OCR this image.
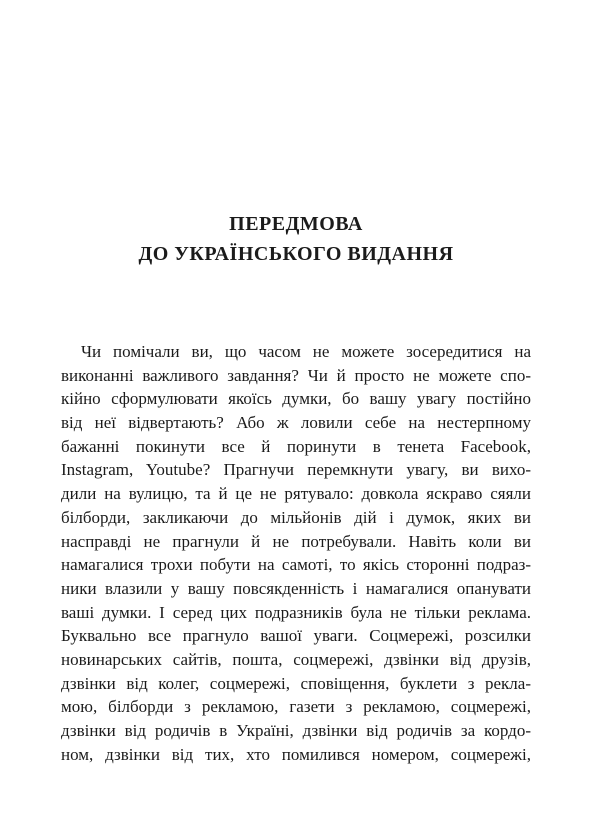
ПЕРЕДМОВА
ДО УКРАЇНСЬКОГО ВИДАННЯ
Чи помічали ви, що часом не можете зосередитися на
виконанні важливого завдання? Чи й просто не можете спо-
кійно сформулювати якоїсь думки, бо вашу увагу постійно
від неї відвертають? Або ж ловили себе на нестерпному
бажанні покинути все й поринути в тенета Facebook,
Instagram, Youtube? Прагнучи перемкнути увагу, ви вихо-
дили на вулицю, та й це не рятувало: довкола яскраво сяяли
білборди, закликаючи до мільйонів дій і думок, яких ви
насправді не прагнули й не потребували. Навіть коли ви
намагалися трохи побути на самоті, то якісь сторонні подраз-
ники влазили у вашу повсякденність і намагалися опанувати
ваші думки. І серед цих подразників була не тільки реклама.
Буквально все прагнуло вашої уваги. Соцмережі, розсилки
новинарських сайтів, пошта, соцмережі, дзвінки від друзів,
дзвінки від колег, соцмережі, сповіщення, буклети з рекла-
мою, білборди з рекламою, газети з рекламою, соцмережі,
дзвінки від родичів в Україні, дзвінки від родичів за кордо-
ном, дзвінки від тих, хто помилився номером, соцмережі,
